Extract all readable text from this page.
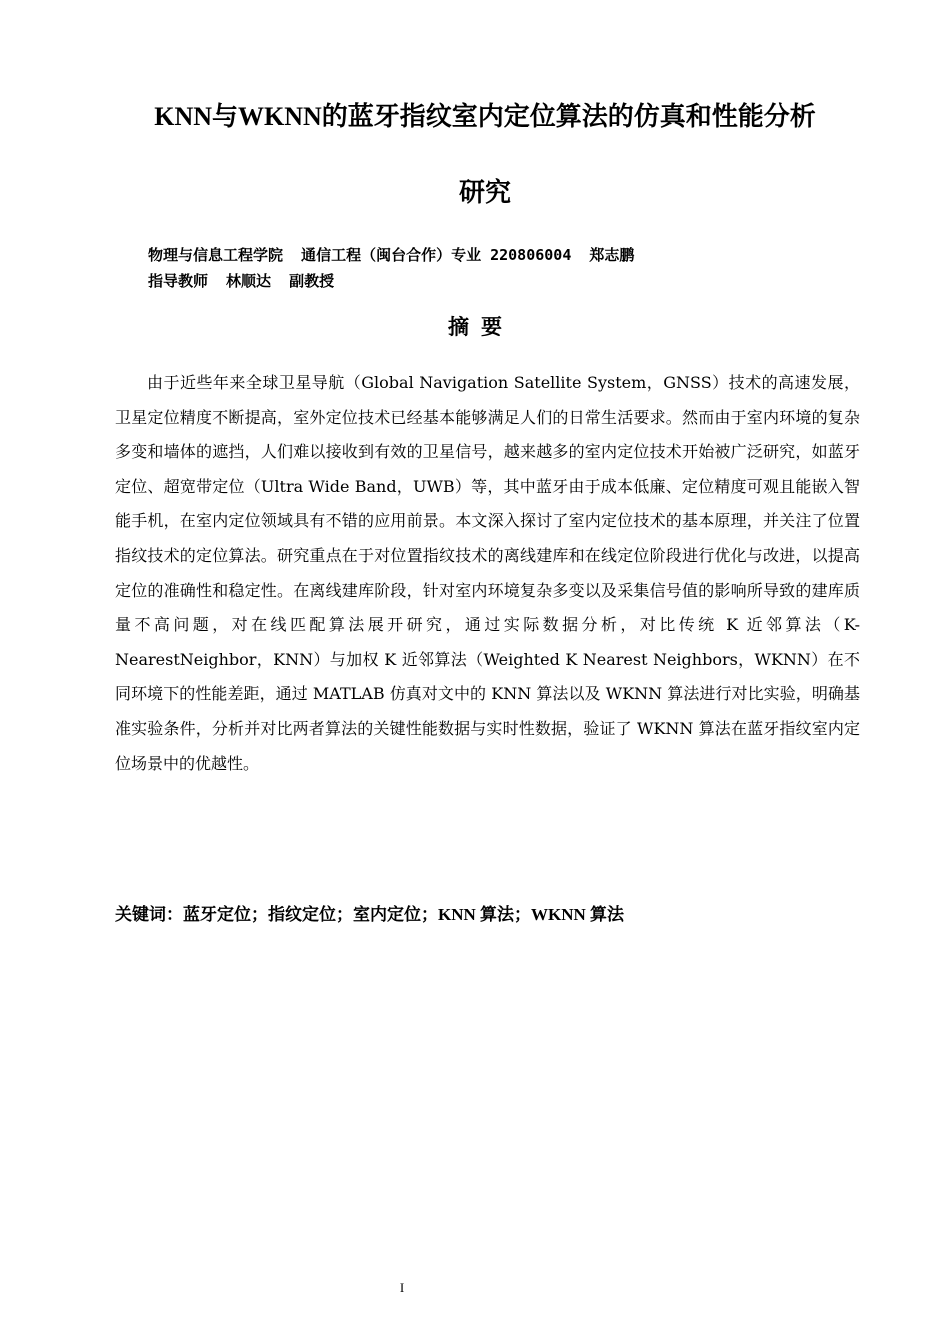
KNN与WKNN的蓝牙指纹室内定位算法的仿真和性能分析
研究
物理与信息工程学院  通信工程（闽台合作）专业 220806004  郑志鹏
指导教师  林顺达  副教授
摘要

由于近些年来全球卫星导航（Global Navigation Satellite System，GNSS）技术的高速发展，卫星定位精度不断提高，室外定位技术已经基本能够满足人们的日常生活要求。然而由于室内环境的复杂多变和墙体的遮挡，人们难以接收到有效的卫星信号，越来越多的室内定位技术开始被广泛研究，如蓝牙定位、超宽带定位（Ultra Wide Band，UWB）等，其中蓝牙由于成本低廉、定位精度可观且能嵌入智能手机，在室内定位领域具有不错的应用前景。本文深入探讨了室内定位技术的基本原理，并关注了位置指纹技术的定位算法。研究重点在于对位置指纹技术的离线建库和在线定位阶段进行优化与改进，以提高定位的准确性和稳定性。在离线建库阶段，针对室内环境复杂多变以及采集信号值的影响所导致的建库质量不高问题，对在线匹配算法展开研究，通过实际数据分析，对比传统 K 近邻算法（K-NearestNeighbor，KNN）与加权 K 近邻算法（Weighted K Nearest Neighbors，WKNN）在不同环境下的性能差距，通过 MATLAB 仿真对文中的 KNN 算法以及 WKNN 算法进行对比实验，明确基准实验条件，分析并对比两者算法的关键性能数据与实时性数据，验证了 WKNN 算法在蓝牙指纹室内定位场景中的优越性。

关键词：蓝牙定位；指纹定位；室内定位；KNN 算法；WKNN 算法
I
